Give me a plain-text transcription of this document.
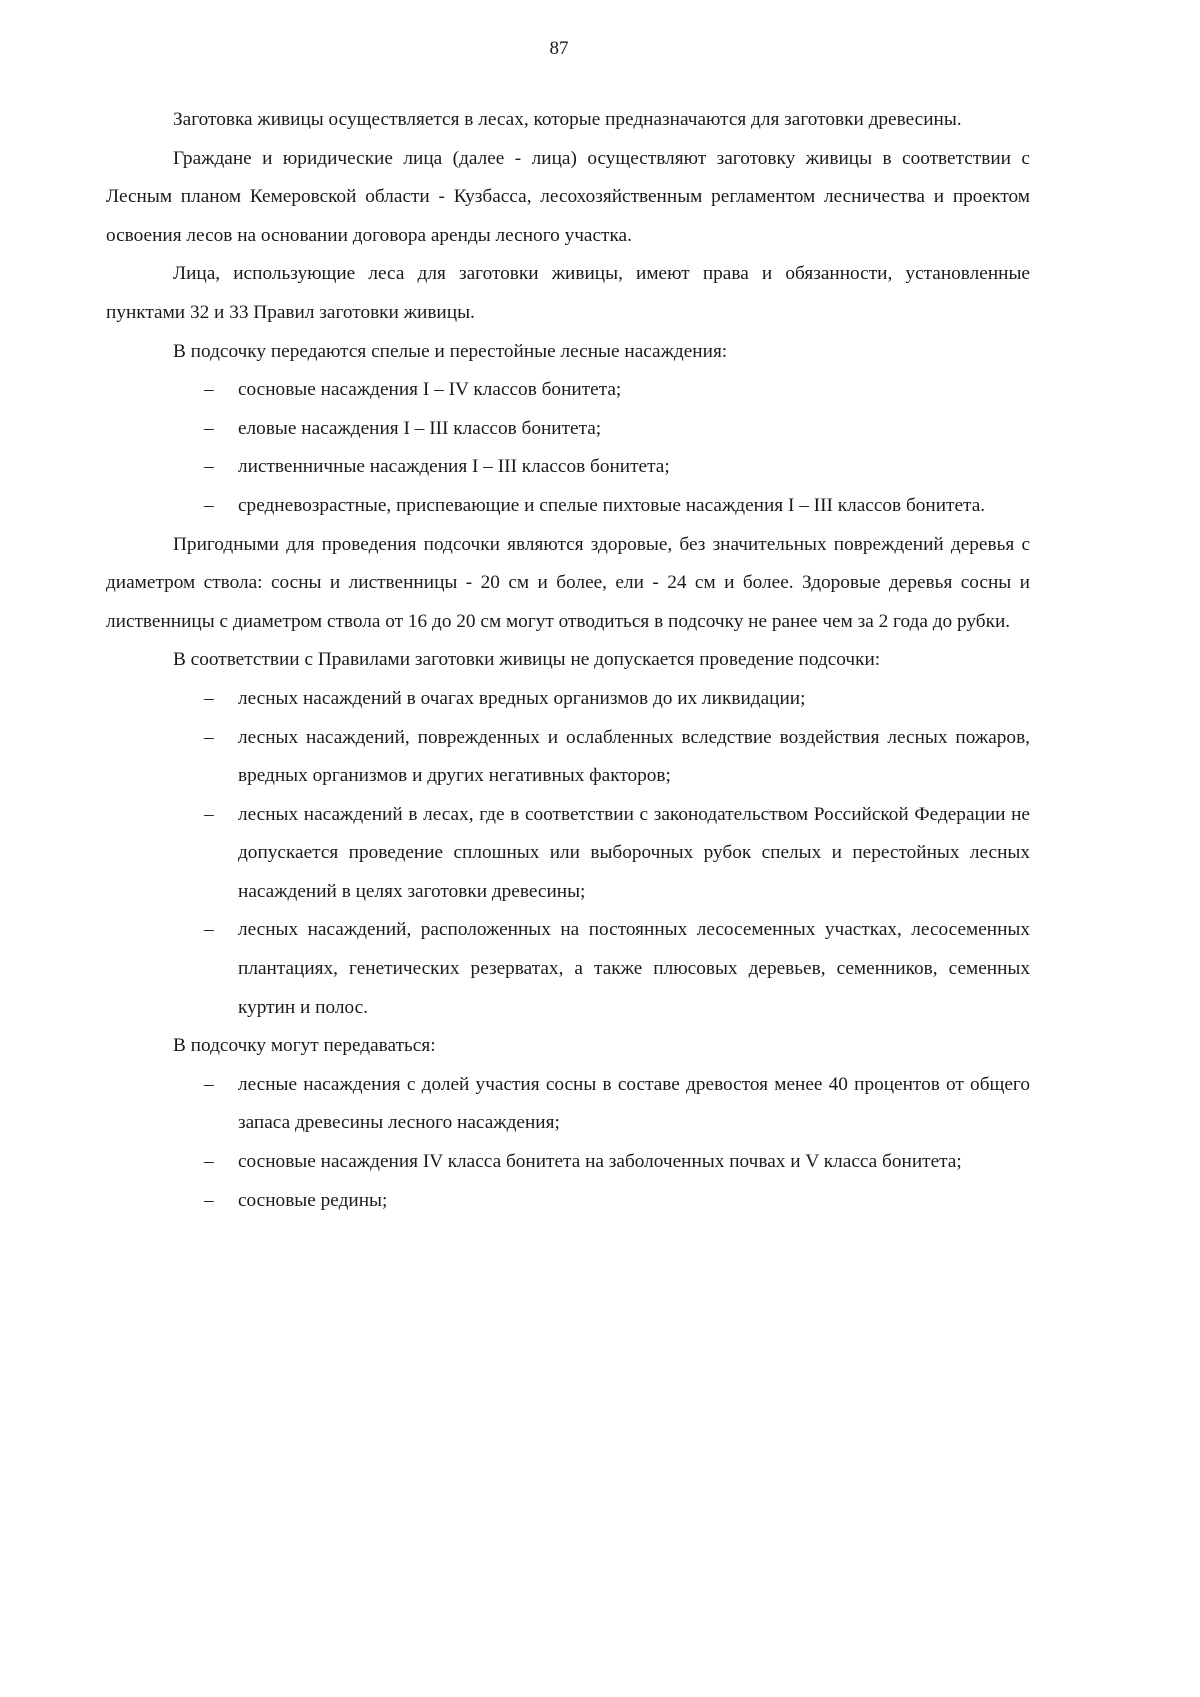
87

Заготовка живицы осуществляется в лесах, которые предназначаются для заготовки древесины.

Граждане и юридические лица (далее - лица) осуществляют заготовку живицы в соответствии с Лесным планом Кемеровской области - Кузбасса, лесохозяйственным регламентом лесничества и проектом освоения лесов на основании договора аренды лесного участка.

Лица, использующие леса для заготовки живицы, имеют права и обязанности, установленные пунктами 32 и 33 Правил заготовки живицы.

В подсочку передаются спелые и перестойные лесные насаждения:

– сосновые насаждения I – IV классов бонитета;
– еловые насаждения I – III классов бонитета;
– лиственничные насаждения I – III классов бонитета;
– средневозрастные, приспевающие и спелые пихтовые насаждения I – III классов бонитета.

Пригодными для проведения подсочки являются здоровые, без значительных повреждений деревья с диаметром ствола: сосны и лиственницы - 20 см и более, ели - 24 см и более. Здоровые деревья сосны и лиственницы с диаметром ствола от 16 до 20 см могут отводиться в подсочку не ранее чем за 2 года до рубки.

В соответствии с Правилами заготовки живицы не допускается проведение подсочки:

– лесных насаждений в очагах вредных организмов до их ликвидации;
– лесных насаждений, поврежденных и ослабленных вследствие воздействия лесных пожаров, вредных организмов и других негативных факторов;
– лесных насаждений в лесах, где в соответствии с законодательством Российской Федерации не допускается проведение сплошных или выборочных рубок спелых и перестойных лесных насаждений в целях заготовки древесины;
– лесных насаждений, расположенных на постоянных лесосеменных участках, лесосеменных плантациях, генетических резерватах, а также плюсовых деревьев, семенников, семенных куртин и полос.

В подсочку могут передаваться:

– лесные насаждения с долей участия сосны в составе древостоя менее 40 процентов от общего запаса древесины лесного насаждения;
– сосновые насаждения IV класса бонитета на заболоченных почвах и V класса бонитета;
– сосновые редины;
